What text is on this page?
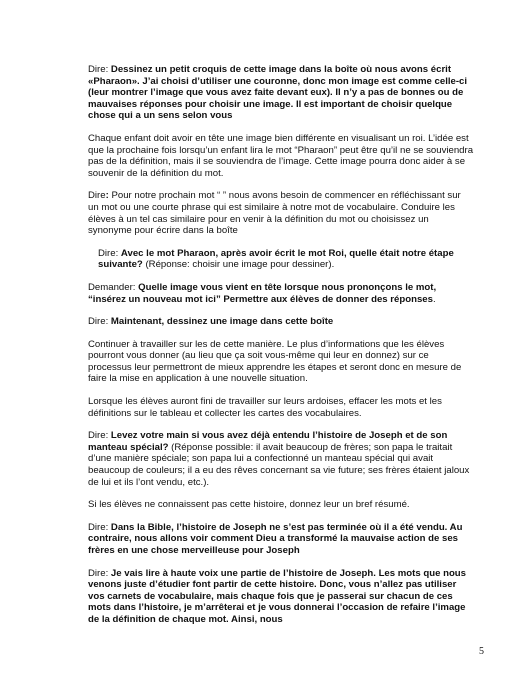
Dire: Dessinez un petit croquis de cette image dans la boîte où nous avons écrit «Pharaon». J’ai choisi d’utiliser une couronne, donc mon image est comme celle-ci (leur montrer l’image que vous avez faite devant eux). Il n’y a pas de bonnes ou de mauvaises réponses pour choisir une image. Il est important de choisir quelque chose qui a un sens selon vous

Chaque enfant doit avoir en tête une image bien différente en visualisant un roi. L’idée est que la prochaine fois lorsqu’un enfant lira le mot “Pharaon” peut être qu’il ne se souviendra pas de la définition, mais il se souviendra de l’image. Cette image pourra donc aider à se souvenir de la définition du mot.

Dire: Pour notre prochain mot “ ” nous avons besoin de commencer en réfléchissant sur un mot ou une courte phrase qui est similaire à notre mot de vocabulaire. Conduire les élèves à un tel cas similaire pour en venir à la définition du mot ou choisissez un synonyme pour écrire dans la boîte

Dire: Avec le mot Pharaon, après avoir écrit le mot Roi, quelle était notre étape suivante? (Réponse: choisir une image pour dessiner).

Demander: Quelle image vous vient en tête lorsque nous prononçons le mot, “insérez un nouveau mot ici” Permettre aux élèves de donner des réponses.

Dire: Maintenant, dessinez une image dans cette boîte

Continuer à travailler sur les de cette manière. Le plus d’informations que les élèves pourront vous donner (au lieu que ça soit vous-même qui leur en donnez) sur ce processus leur permettront de mieux apprendre les étapes et seront donc en mesure de faire la mise en application à une nouvelle situation.

Lorsque les élèves auront fini de travailler sur leurs ardoises, effacer les mots et les définitions sur le tableau et collecter les cartes des vocabulaires.

Dire: Levez votre main si vous avez déjà entendu l’histoire de Joseph et de son manteau spécial? (Réponse possible: il avait beaucoup de frères; son papa le traitait d’une manière spéciale; son papa lui a confectionné un manteau spécial qui avait beaucoup de couleurs; il a eu des rêves concernant sa vie future; ses frères étaient jaloux de lui et ils l’ont vendu, etc.).

Si les élèves ne connaissent pas cette histoire, donnez leur un bref résumé.

Dire: Dans la Bible, l’histoire de Joseph ne s’est pas terminée où il a été vendu. Au contraire, nous allons voir comment Dieu a transformé la mauvaise action de ses frères en une chose merveilleuse pour Joseph

Dire: Je vais lire à haute voix une partie de l’histoire de Joseph. Les mots que nous venons juste d’étudier font partir de cette histoire. Donc, vous n’allez pas utiliser vos carnets de vocabulaire, mais chaque fois que je passerai sur chacun de ces mots dans l’histoire, je m’arrêterai et je vous donnerai l’occasion de refaire l’image de la définition de chaque mot. Ainsi, nous

5
